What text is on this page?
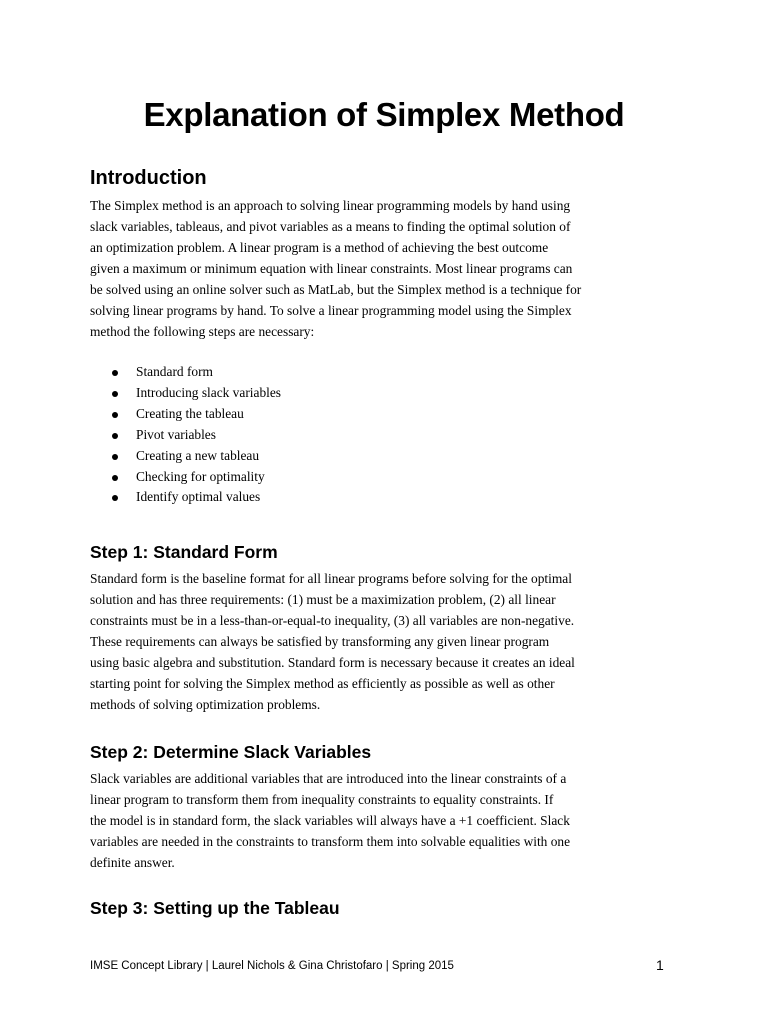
Explanation of Simplex Method
Introduction

The Simplex method is an approach to solving linear programming models by hand using
slack variables, tableaus, and pivot variables as a means to finding the optimal solution of
an optimization problem. A linear program is a method of achieving the best outcome
given a maximum or minimum equation with linear constraints. Most linear programs can
be solved using an online solver such as MatLab, but the Simplex method is a technique for
solving linear programs by hand. To solve a linear programming model using the Simplex
method the following steps are necessary:

Standard form
Introducing slack variables
Creating the tableau
Pivot variables
Creating a new tableau
Checking for optimality
Identify optimal values
Step 1: Standard Form

Standard form is the baseline format for all linear programs before solving for the optimal
solution and has three requirements: (1) must be a maximization problem, (2) all linear
constraints must be in a less-than-or-equal-to inequality, (3) all variables are non-negative.
These requirements can always be satisfied by transforming any given linear program
using basic algebra and substitution. Standard form is necessary because it creates an ideal
starting point for solving the Simplex method as efficiently as possible as well as other
methods of solving optimization problems.

Step 2: Determine Slack Variables

Slack variables are additional variables that are introduced into the linear constraints of a
linear program to transform them from inequality constraints to equality constraints. If
the model is in standard form, the slack variables will always have a +1 coefficient. Slack
variables are needed in the constraints to transform them into solvable equalities with one
definite answer.

Step 3: Setting up the Tableau
IMSE Concept Library | Laurel Nichols & Gina Christofaro | Spring 2015	1
